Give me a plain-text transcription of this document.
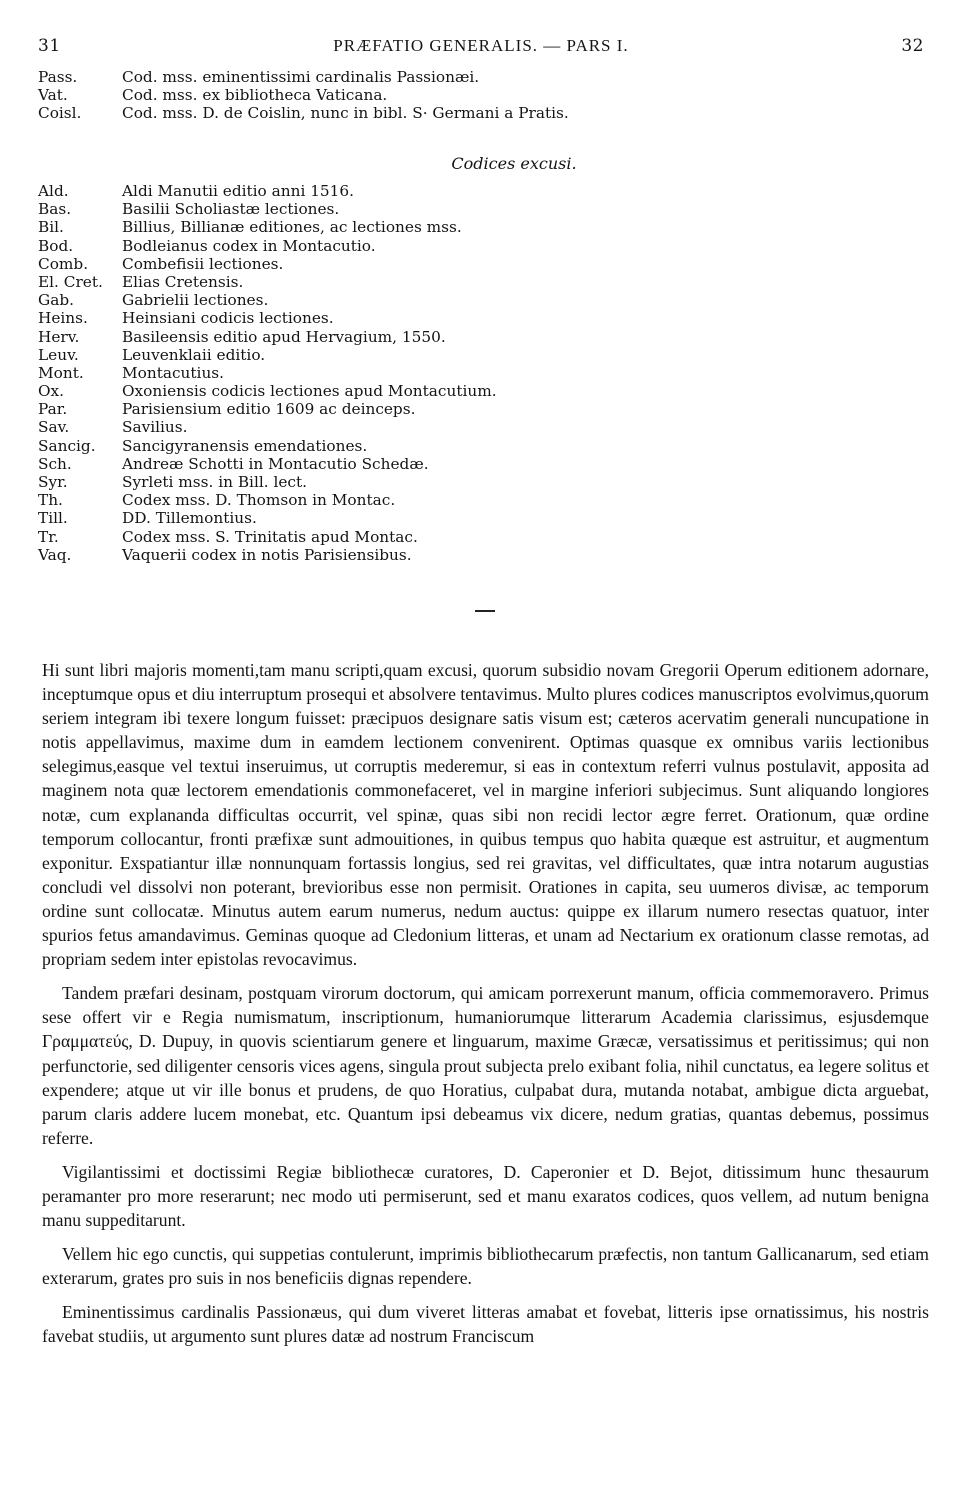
31	PRÆFATIO GENERALIS. — PARS I.	32
Pass.	Cod. mss. eminentissimi cardinalis Passionæi.
Vat.	Cod. mss. ex bibliotheca Vaticana.
Coisl.	Cod. mss. D. de Coislin, nunc in bibl. S· Germani a Pratis.
Codices excusi.
Ald.	Aldi Manutii editio anni 1516.
Bas.	Basilii Scholiastæ lectiones.
Bil.	Billius, Billianæ editiones, ac lectiones mss.
Bod.	Bodleianus codex in Montacutio.
Comb.	Combefisii lectiones.
El. Cret.	Elias Cretensis.
Gab.	Gabrielii lectiones.
Heins.	Heinsiani codicis lectiones.
Herv.	Basileensis editio apud Hervagium, 1550.
Leuv.	Leuvenklaii editio.
Mont.	Montacutius.
Ox.	Oxoniensis codicis lectiones apud Montacutium.
Par.	Parisiensium editio 1609 ac deinceps.
Sav.	Savilius.
Sancig.	Sancigyranensis emendationes.
Sch.	Andreæ Schotti in Montacutio Schedæ.
Syr.	Syrleti mss. in Bill. lect.
Th.	Codex mss. D. Thomson in Montac.
Till.	DD. Tillemontius.
Tr.	Codex mss. S. Trinitatis apud Montac.
Vaq.	Vaquerii codex in notis Parisiensibus.

Hi sunt libri majoris momenti,tam manu scripti,quam excusi, quorum subsidio novam Gregorii Operum editionem adornare, inceptumque opus et diu interruptum prosequi et absolvere tentavimus. Multo plures codices manuscriptos evolvimus,quorum seriem integram ibi texere longum fuisset: præcipuos designare satis visum est; cæteros acervatim generali nuncupatione in notis appellavimus, maxime dum in eamdem lectionem convenirent. Optimas quasque ex omnibus variis lectionibus selegimus,easque vel textui inseruimus, ut corruptis mederemur, si eas in contextum referri vulnus postulavit, apposita ad maginem nota quæ lectorem emendationis commonefaceret, vel in margine inferiori subjecimus. Sunt aliquando longiores notæ, cum explananda difficultas occurrit, vel spinæ, quas sibi non recidi lector ægre ferret. Orationum, quæ ordine temporum collocantur, fronti præfixæ sunt admouitiones, in quibus tempus quo habita quæque est astruitur, et augmentum exponitur. Exspatiantur illæ nonnunquam fortassis longius, sed rei gravitas, vel difficultates, quæ intra notarum augustias concludi vel dissolvi non poterant, brevioribus esse non permisit. Orationes in capita, seu uumeros divisæ, ac temporum ordine sunt collocatæ. Minutus autem earum numerus, nedum auctus: quippe ex illarum numero resectas quatuor, inter spurios fetus amandavimus. Geminas quoque ad Cledonium litteras, et unam ad Nectarium ex orationum classe remotas, ad propriam sedem inter epistolas revocavimus.

Tandem præfari desinam, postquam virorum doctorum, qui amicam porrexerunt manum, officia commemoravero. Primus sese offert vir e Regia numismatum, inscriptionum, humaniorumque litterarum Academia clarissimus, esjusdemque Γραμματεύς, D. Dupuy, in quovis scientiarum genere et linguarum, maxime Græcæ, versatissimus et peritissimus; qui non perfunctorie, sed diligenter censoris vices agens, singula prout subjecta prelo exibant folia, nihil cunctatus, ea legere solitus et expendere; atque ut vir ille bonus et prudens, de quo Horatius, culpabat dura, mutanda notabat, ambigue dicta arguebat, parum claris addere lucem monebat, etc. Quantum ipsi debeamus vix dicere, nedum gratias, quantas debemus, possimus referre.

Vigilantissimi et doctissimi Regiæ bibliothecæ curatores, D. Caperonier et D. Bejot, ditissimum hunc thesaurum peramanter pro more reserarunt; nec modo uti permiserunt, sed et manu exaratos codices, quos vellem, ad nutum benigna manu suppeditarunt.

Vellem hic ego cunctis, qui suppetias contulerunt, imprimis bibliothecarum præfectis, non tantum Gallicanarum, sed etiam exterarum, grates pro suis in nos beneficiis dignas rependere.

Eminentissimus cardinalis Passionæus, qui dum viveret litteras amabat et fovebat, litteris ipse ornatissimus, his nostris favebat studiis, ut argumento sunt plures datæ ad nostrum Franciscum
